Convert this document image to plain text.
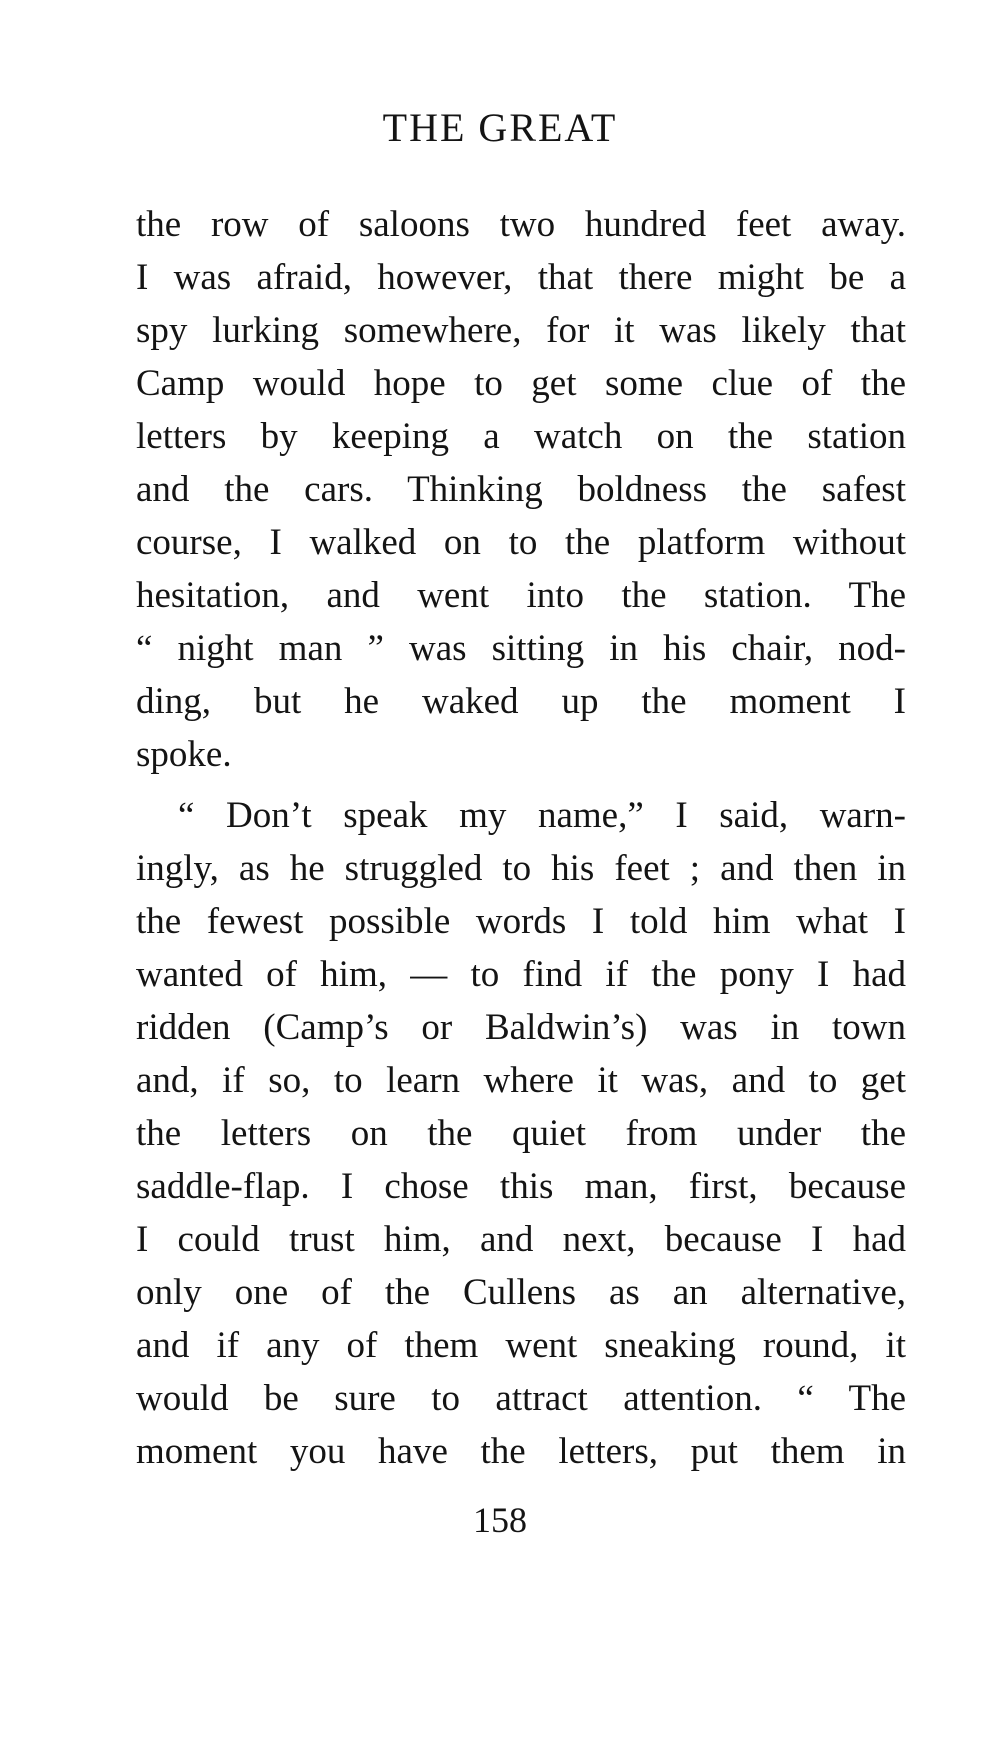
THE GREAT
the row of saloons two hundred feet away.
I was afraid, however, that there might be a
spy lurking somewhere, for it was likely that
Camp would hope to get some clue of the
letters by keeping a watch on the station
and the cars. Thinking boldness the safest
course, I walked on to the platform without
hesitation, and went into the station. The
“ night man ” was sitting in his chair, nod-
ding, but he waked up the moment I
spoke.
“ Don’t speak my name,” I said, warn-
ingly, as he struggled to his feet ; and then in
the fewest possible words I told him what I
wanted of him, — to find if the pony I had
ridden (Camp’s or Baldwin’s) was in town
and, if so, to learn where it was, and to get
the letters on the quiet from under the
saddle-flap. I chose this man, first, because
I could trust him, and next, because I had
only one of the Cullens as an alternative,
and if any of them went sneaking round, it
would be sure to attract attention. “ The
moment you have the letters, put them in
158
